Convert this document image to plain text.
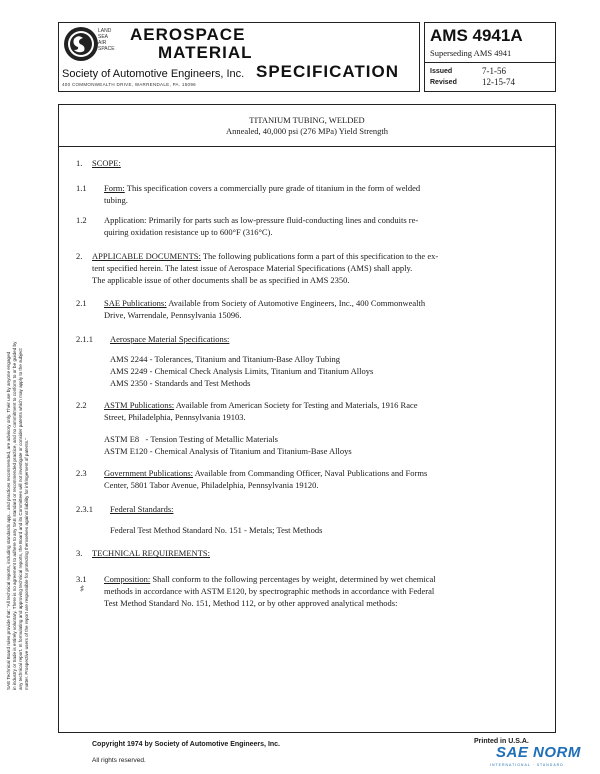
LAND
SEA
AIR
SPACE
AEROSPACE
MATERIAL
SPECIFICATION
Society of Automotive Engineers, Inc.
400 COMMONWEALTH DRIVE, WARRENDALE, PA. 15096
AMS 4941A
Superseding AMS 4941
Issued	7-1-56
Revised	12-15-74
TITANIUM TUBING, WELDED
Annealed, 40,000 psi (276 MPa) Yield Strength
1. SCOPE:
1.1 Form: This specification covers a commercially pure grade of titanium in the form of welded
tubing.
1.2 Application: Primarily for parts such as low-pressure fluid-conducting lines and conduits re-
quiring oxidation resistance up to 600°F (316°C).
2. APPLICABLE DOCUMENTS: The following publications form a part of this specification to the ex-
tent specified herein. The latest issue of Aerospace Material Specifications (AMS) shall apply.
The applicable issue of other documents shall be as specified in AMS 2350.
2.1 SAE Publications: Available from Society of Automotive Engineers, Inc., 400 Commonwealth
Drive, Warrendale, Pennsylvania 15096.
2.1.1 Aerospace Material Specifications:
AMS 2244 - Tolerances, Titanium and Titanium-Base Alloy Tubing
AMS 2249 - Chemical Check Analysis Limits, Titanium and Titanium Alloys
AMS 2350 - Standards and Test Methods
2.2 ASTM Publications: Available from American Society for Testing and Materials, 1916 Race
Street, Philadelphia, Pennsylvania 19103.
ASTM E8   - Tension Testing of Metallic Materials
ASTM E120 - Chemical Analysis of Titanium and Titanium-Base Alloys
2.3 Government Publications: Available from Commanding Officer, Naval Publications and Forms
Center, 5801 Tabor Avenue, Philadelphia, Pennsylvania 19120.
2.3.1 Federal Standards:
Federal Test Method Standard No. 151 - Metals; Test Methods
3. TECHNICAL REQUIREMENTS:
3.1 Composition: Shall conform to the following percentages by weight, determined by wet chemical
methods in accordance with ASTM E120, by spectrographic methods in accordance with Federal
Test Method Standard No. 151, Method 112, or by other approved analytical methods:
♯
SAE Technical Board rules provide that: "All technical reports, including standards app... and practices recommended, are advisory only. Their use by anyone engaged in industry or trade is entirely voluntary. There is no agreement to adhere to any SAE standard or recommended practice, and no commitment to conform to or be guided by any technical report. In formulating and approving technical reports, the Board and its Committees will not investigate or consider patents which may apply to the subject matter. Prospective users of the report are responsible for protecting themselves against liability for infringement of patents."
Copyright 1974 by Society of Automotive Engineers, Inc.
All rights reserved.
Printed in U.S.A.
SAE NORM
INTERNATIONAL · STANDARD
